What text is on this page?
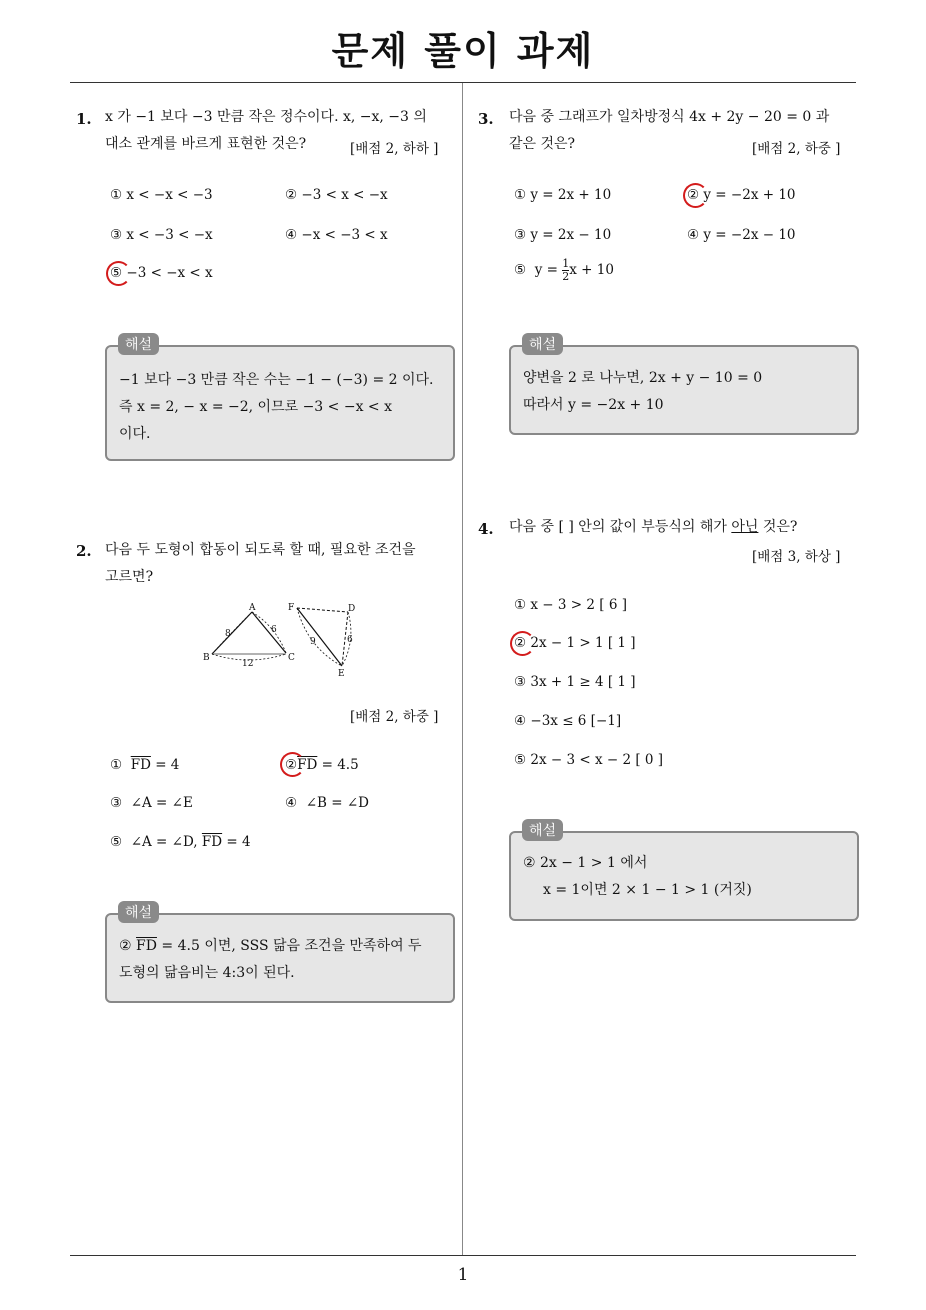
문제 풀이 과제
1. x 가 −1 보다 −3 만큼 작은 정수이다. x, −x, −3 의
대소 관계를 바르게 표현한 것은?	[배점 2, 하하 ]
① x < −x < −3	② −3 < x < −x
③ x < −3 < −x	④ −x < −3 < x
⑤ −3 < −x < x
−1 보다 −3 만큼 작은 수는 −1 − (−3) = 2 이다.
즉 x = 2, − x = −2, 이므로 −3 < −x < x
이다.
해설
2. 다음 두 도형이 합동이 되도록 할 때, 필요한 조건을
고르면?
A
B	C
8	6
12
F	D
E
9	6
[배점 2, 하중 ]
① $\overline{FD} = 4$	$②\overline{FD} = 4.5$
③ ∠A = ∠E	④ ∠B = ∠D
⑤ ∠A = ∠D, $\overline{FD} = 4$
② $\overline{FD} = 4.5$ 이면, SSS 닮음 조건을 만족하여 두
도형의 닮음비는 4:3이 된다.
해설
3. 다음 중 그래프가 일차방정식 4x + 2y − 20 = 0 과
같은 것은?	[배점 2, 하중 ]
① y = 2x + 10	② y = −2x + 10
③ y = 2x − 10	④ y = −2x − 10
⑤ $y = \frac{1}{2}$ x + 10
양변을 2 로 나누면, 2x + y − 10 = 0
따라서 y = −2x + 10
해설
4. 다음 중 [ ] 안의 값이 부등식의 해가 아닌 것은?
[배점 3, 하상 ]
① x − 3 > 2 [ 6 ]
② 2x − 1 > 1 [ 1 ]
③ 3x + 1 ≥ 4 [ 1 ]
④ −3x ≤ 6 [−1]
⑤ 2x − 3 < x − 2 [ 0 ]
② 2x − 1 > 1 에서
x = 1이면 2 × 1 − 1 > 1 (거짓)
해설
1
